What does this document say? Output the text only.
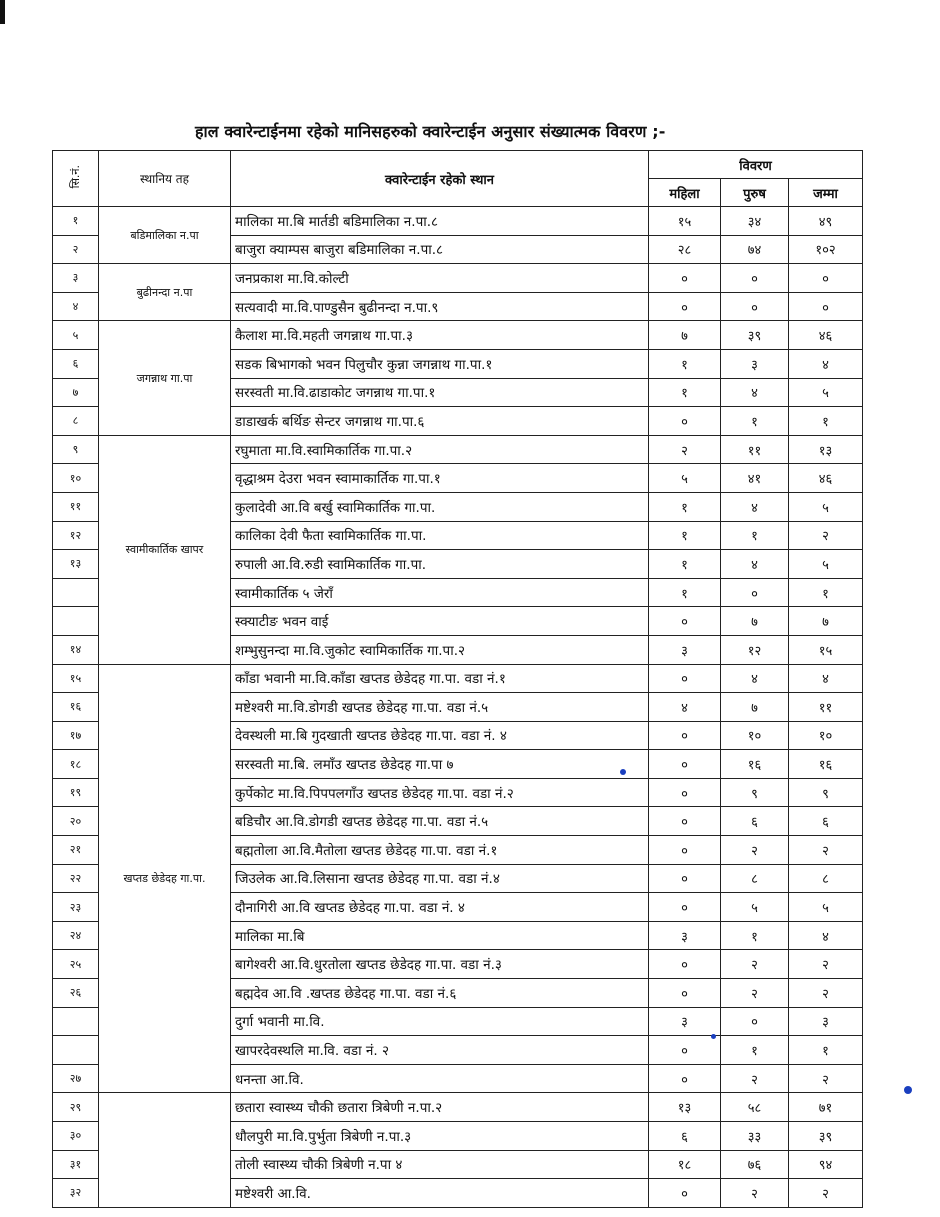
हाल क्वारेन्टाईनमा रहेको मानिसहरुको क्वारेन्टाईन अनुसार संख्यात्मक विवरण ;-
सि.नं.	स्थानिय तह	क्वारेन्टाईन रहेको स्थान	विवरण		
			महिला	पुरुष	जम्मा
१	बडिमालिका न.पा	मालिका मा.बि मार्तडी बडिमालिका न.पा.८	१५	३४	४९
२		बाजुरा क्याम्पस बाजुरा बडिमालिका न.पा.८	२८	७४	१०२
३	बुढीनन्दा न.पा	जनप्रकाश मा.वि.कोल्टी	०	०	०
४		सत्यवादी मा.वि.पाण्डुसैन बुढीनन्दा न.पा.९	०	०	०
५	जगन्नाथ गा.पा	कैलाश मा.वि.महती जगन्नाथ गा.पा.३	७	३९	४६
६		सडक बिभागको भवन पिलुचौर कुन्ना जगन्नाथ गा.पा.१	१	३	४
७		सरस्वती मा.वि.ढाडाकोट जगन्नाथ गा.पा.१	१	४	५
८		डाडाखर्क बर्थिङ सेन्टर जगन्नाथ गा.पा.६	०	१	१
९	स्वामीकार्तिक खापर	रघुमाता मा.वि.स्वामिकार्तिक गा.पा.२	२	११	१३
१०		वृद्धाश्रम देउरा भवन स्वामाकार्तिक गा.पा.१	५	४१	४६
११		कुलादेवी आ.वि बर्खु स्वामिकार्तिक गा.पा.	१	४	५
१२		कालिका देवी फैता स्वामिकार्तिक गा.पा.	१	१	२
१३		रुपाली आ.वि.रुडी स्वामिकार्तिक गा.पा.	१	४	५
		स्वामीकार्तिक ५ जेराँ	१	०	१
		स्क्याटीङ भवन वाई	०	७	७
१४		शम्भुसुनन्दा मा.वि.जुकोट स्वामिकार्तिक गा.पा.२	३	१२	१५
१५	खप्तड छेडेदह गा.पा.	काँडा भवानी मा.वि.काँडा खप्तड छेडेदह गा.पा. वडा नं.१	०	४	४
१६		मष्टेश्वरी मा.वि.डोगडी खप्तड छेडेदह गा.पा. वडा नं.५	४	७	११
१७		देवस्थली मा.बि गुदखाती खप्तड छेडेदह गा.पा. वडा नं. ४	०	१०	१०
१८		सरस्वती मा.बि. लमाँउ खप्तड छेडेदह गा.पा ७	०	१६	१६
१९		कुर्पेकोट मा.वि.पिपपलगाँउ खप्तड छेडेदह गा.पा. वडा नं.२	०	९	९
२०		बडिचौर आ.वि.डोगडी खप्तड छेडेदह गा.पा. वडा नं.५	०	६	६
२१		बह्मतोला आ.वि.मैतोला खप्तड छेडेदह गा.पा. वडा नं.१	०	२	२
२२		जिउलेक आ.वि.लिसाना खप्तड छेडेदह गा.पा. वडा नं.४	०	८	८
२३		दौनागिरी आ.वि खप्तड छेडेदह गा.पा. वडा नं. ४	०	५	५
२४		मालिका मा.बि	३	१	४
२५		बागेश्वरी आ.वि.धुरतोला खप्तड छेडेदह गा.पा. वडा नं.३	०	२	२
२६		बह्मदेव आ.वि .खप्तड छेडेदह गा.पा. वडा नं.६	०	२	२
		दुर्गा भवानी मा.वि.	३	०	३
		खापरदेवस्थलि मा.वि. वडा नं. २	०	१	१
२७		धनन्ता आ.वि.	०	२	२
२९		छतारा स्वास्थ्य चौकी छतारा त्रिबेणी न.पा.२	१३	५८	७१
३०		धौलपुरी मा.वि.पुर्भुता त्रिबेणी न.पा.३	६	३३	३९
३१		तोली स्वास्थ्य चौकी त्रिबेणी न.पा ४	१८	७६	९४
३२		मष्टेश्वरी आ.वि.	०	२	२
